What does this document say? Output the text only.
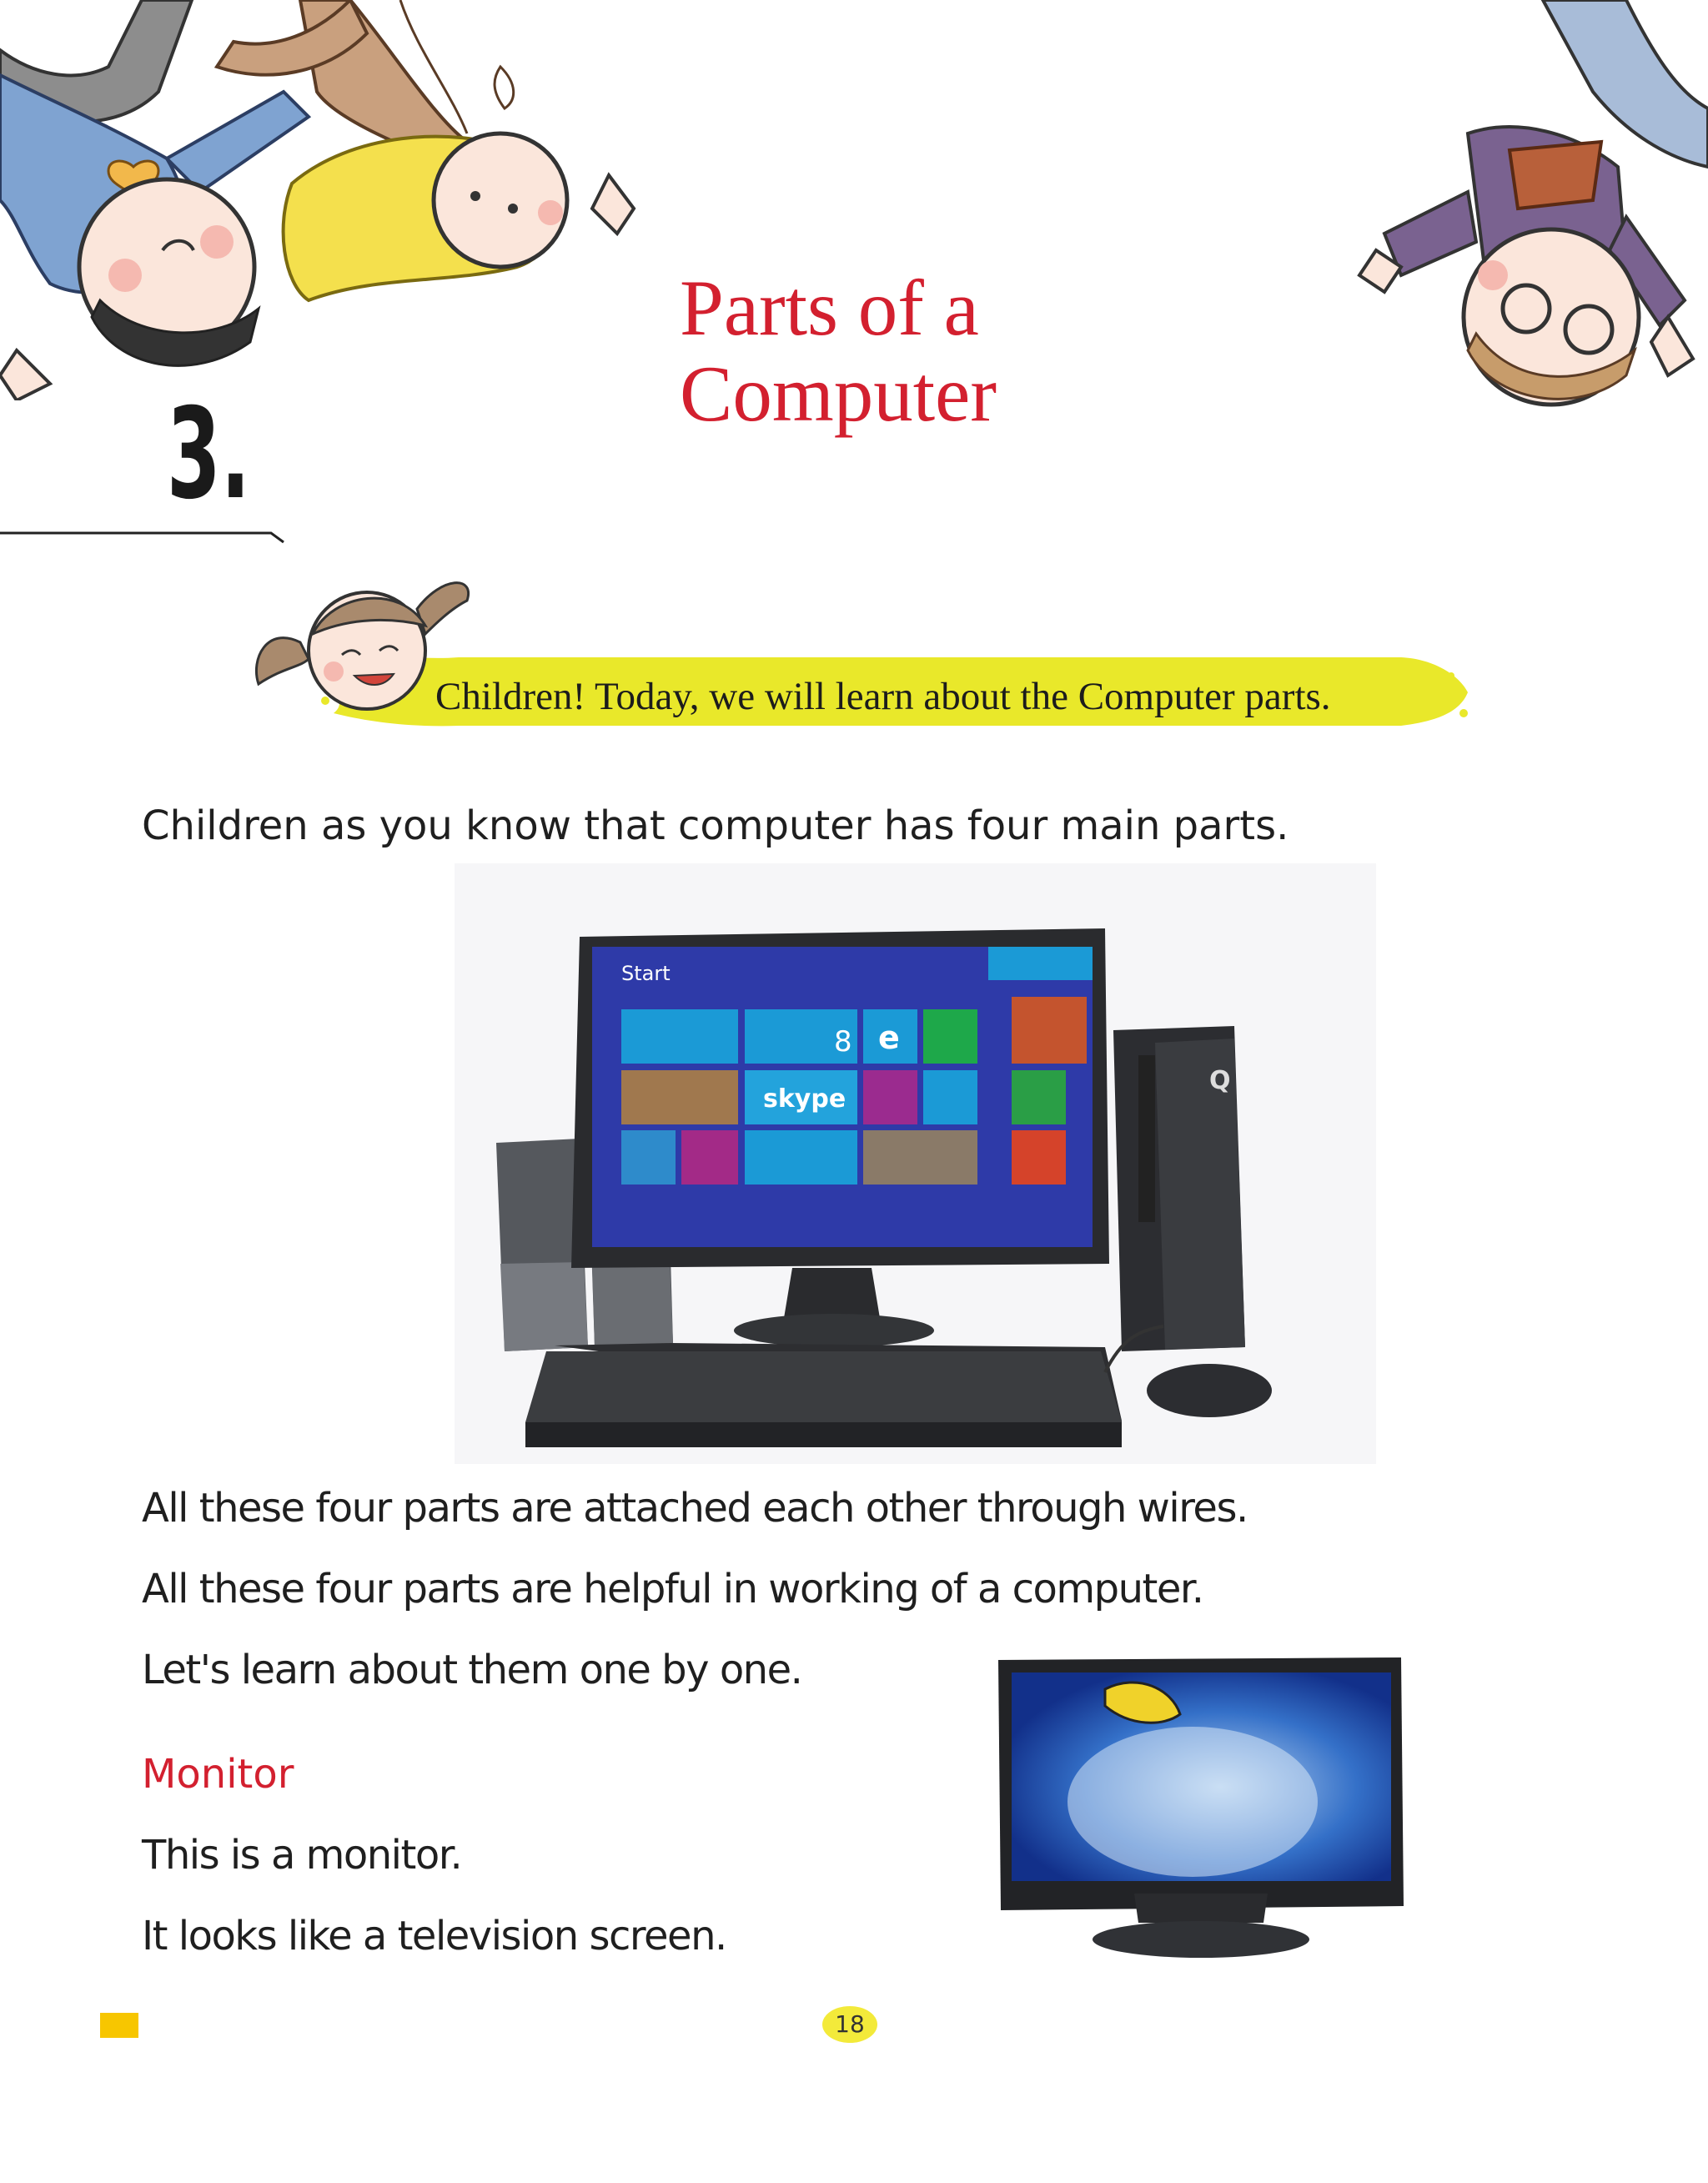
Parts of a
Computer
3.
Children! Today, we will learn about the Computer parts.
Children as you know that computer has four main parts.
Start
8 e
skype
Q
All these four parts are attached each other through wires.
All these four parts are helpful in working of a computer.
Let's learn about them one by one.
Monitor
This is a monitor.
It looks like a television screen.
18
